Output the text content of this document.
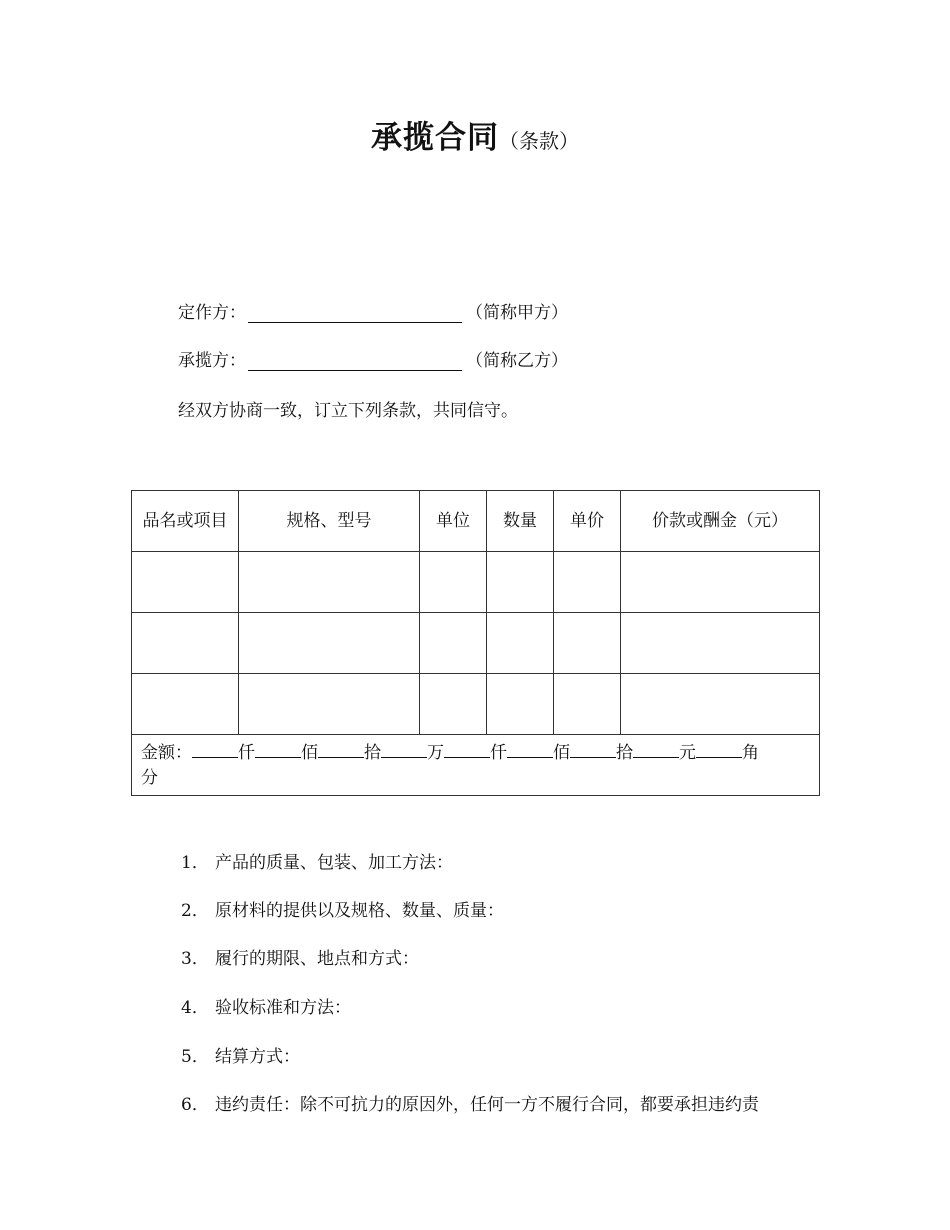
承揽合同（条款）
定作方：	（简称甲方）
承揽方：	（简称乙方）
经双方协商一致，订立下列条款，共同信守。
品名或项目	规格、型号	单位	数量	单价	价款或酬金（元）

金额： 仟 佰 拾 万 仟 佰 拾 元 角
分					
1． 产品的质量、包装、加工方法：
2． 原材料的提供以及规格、数量、质量：
3． 履行的期限、地点和方式：
4． 验收标准和方法：
5． 结算方式：
6． 违约责任：除不可抗力的原因外，任何一方不履行合同，都要承担违约责
